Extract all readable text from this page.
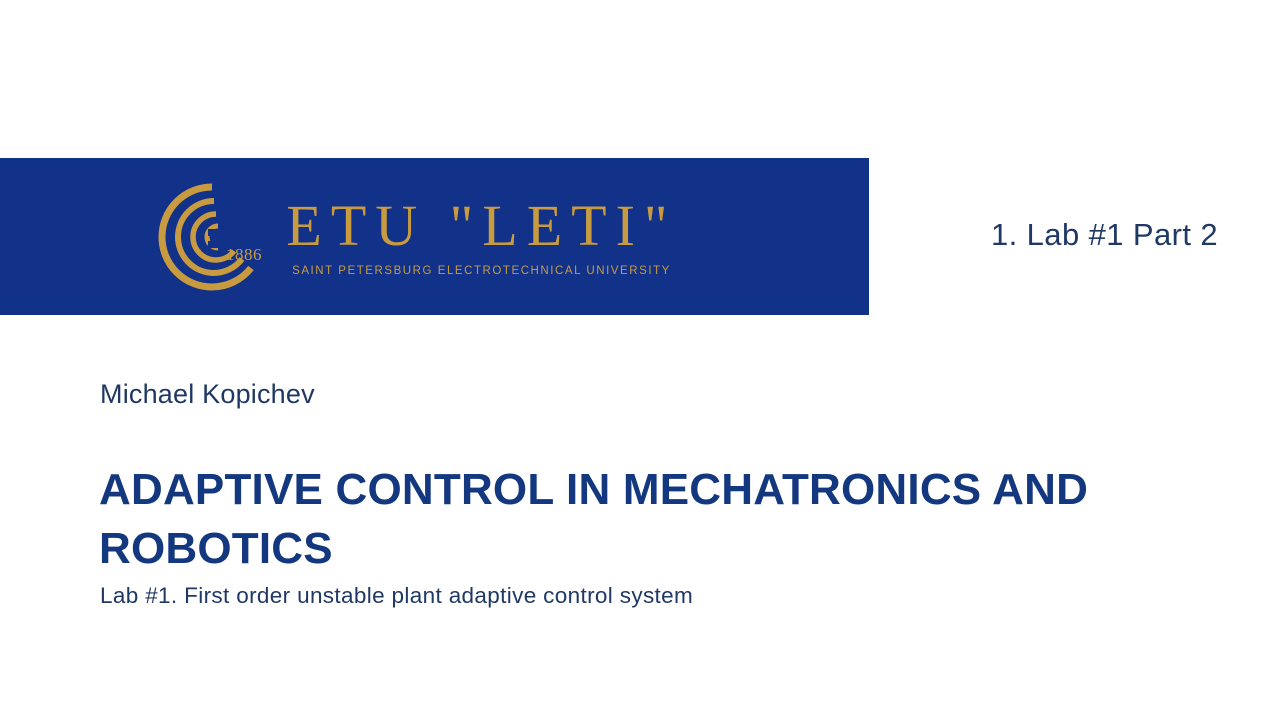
1886 ETU "LETI"
SAINT PETERSBURG ELECTROTECHNICAL UNIVERSITY
1. Lab #1 Part 2
Michael Kopichev
ADAPTIVE CONTROL IN MECHATRONICS AND ROBOTICS
Lab #1. First order unstable plant adaptive control system
